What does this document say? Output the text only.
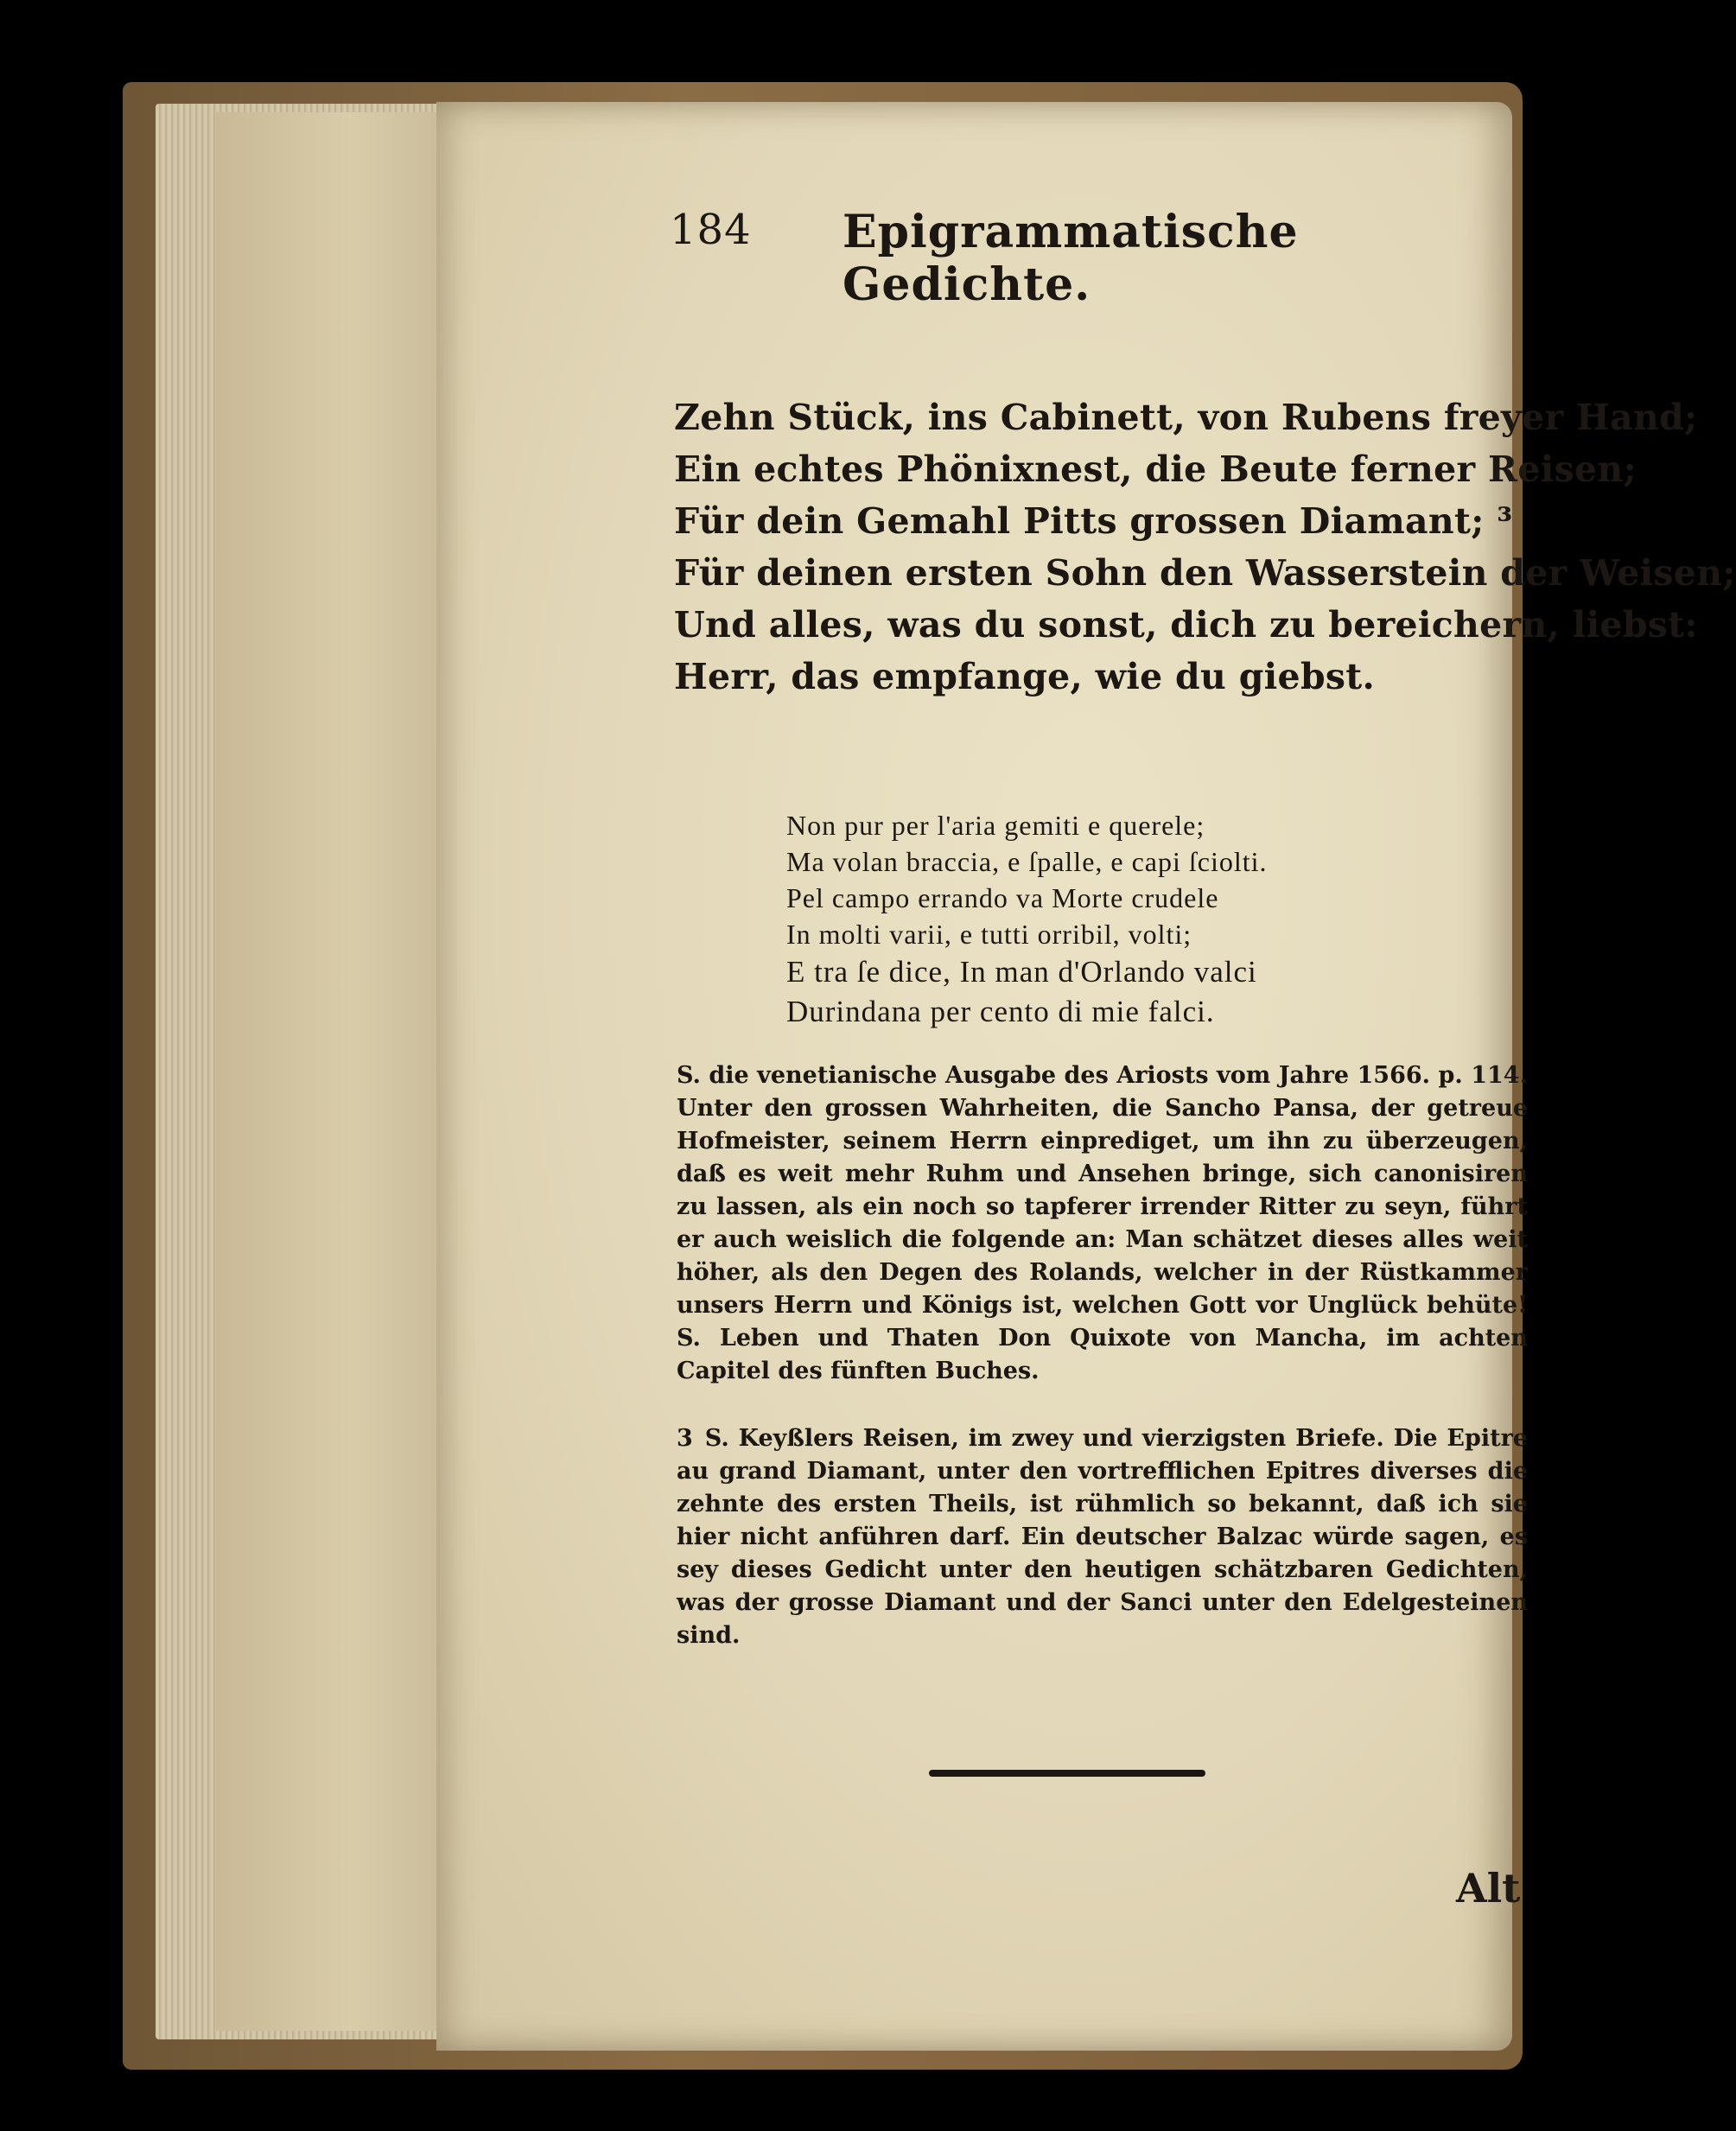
184 Epigrammatische Gedichte.
Zehn Stück, ins Cabinett, von Rubens freyer Hand;
Ein echtes Phönixnest, die Beute ferner Reisen;
Für dein Gemahl Pitts grossen Diamant; ³
Für deinen ersten Sohn den Wasserstein der Weisen;
Und alles, was du sonst, dich zu bereichern, liebst:
Herr, das empfange, wie du giebst.
Non pur per l'aria gemiti e querele;
Ma volan braccia, e ſpalle, e capi ſciolti.
Pel campo errando va Morte crudele
In molti varii, e tutti orribil, volti;
E tra ſe dice, In man d'Orlando valci
Durindana per cento di mie falci.
S. die venetianische Ausgabe des Ariosts vom Jahre 1566. p. 114. Unter den grossen Wahrheiten, die Sancho Pansa, der getreue Hofmeister, seinem Herrn einprediget, um ihn zu überzeugen, daß es weit mehr Ruhm und Ansehen bringe, sich canonisiren zu lassen, als ein noch so tapferer irrender Ritter zu seyn, führt er auch weislich die folgende an: Man schätzet dieses alles weit höher, als den Degen des Rolands, welcher in der Rüstkammer unsers Herrn und Königs ist, welchen Gott vor Unglück behüte! S. Leben und Thaten Don Quixote von Mancha, im achten Capitel des fünften Buches.
3 S. Keyßlers Reisen, im zwey und vierzigsten Briefe. Die Epitre au grand Diamant, unter den vortrefflichen Epitres diverses die zehnte des ersten Theils, ist rühmlich so bekannt, daß ich sie hier nicht anführen darf. Ein deutscher Balzac würde sagen, es sey dieses Gedicht unter den heutigen schätzbaren Gedichten, was der grosse Diamant und der Sanci unter den Edelgesteinen sind.
Alt
